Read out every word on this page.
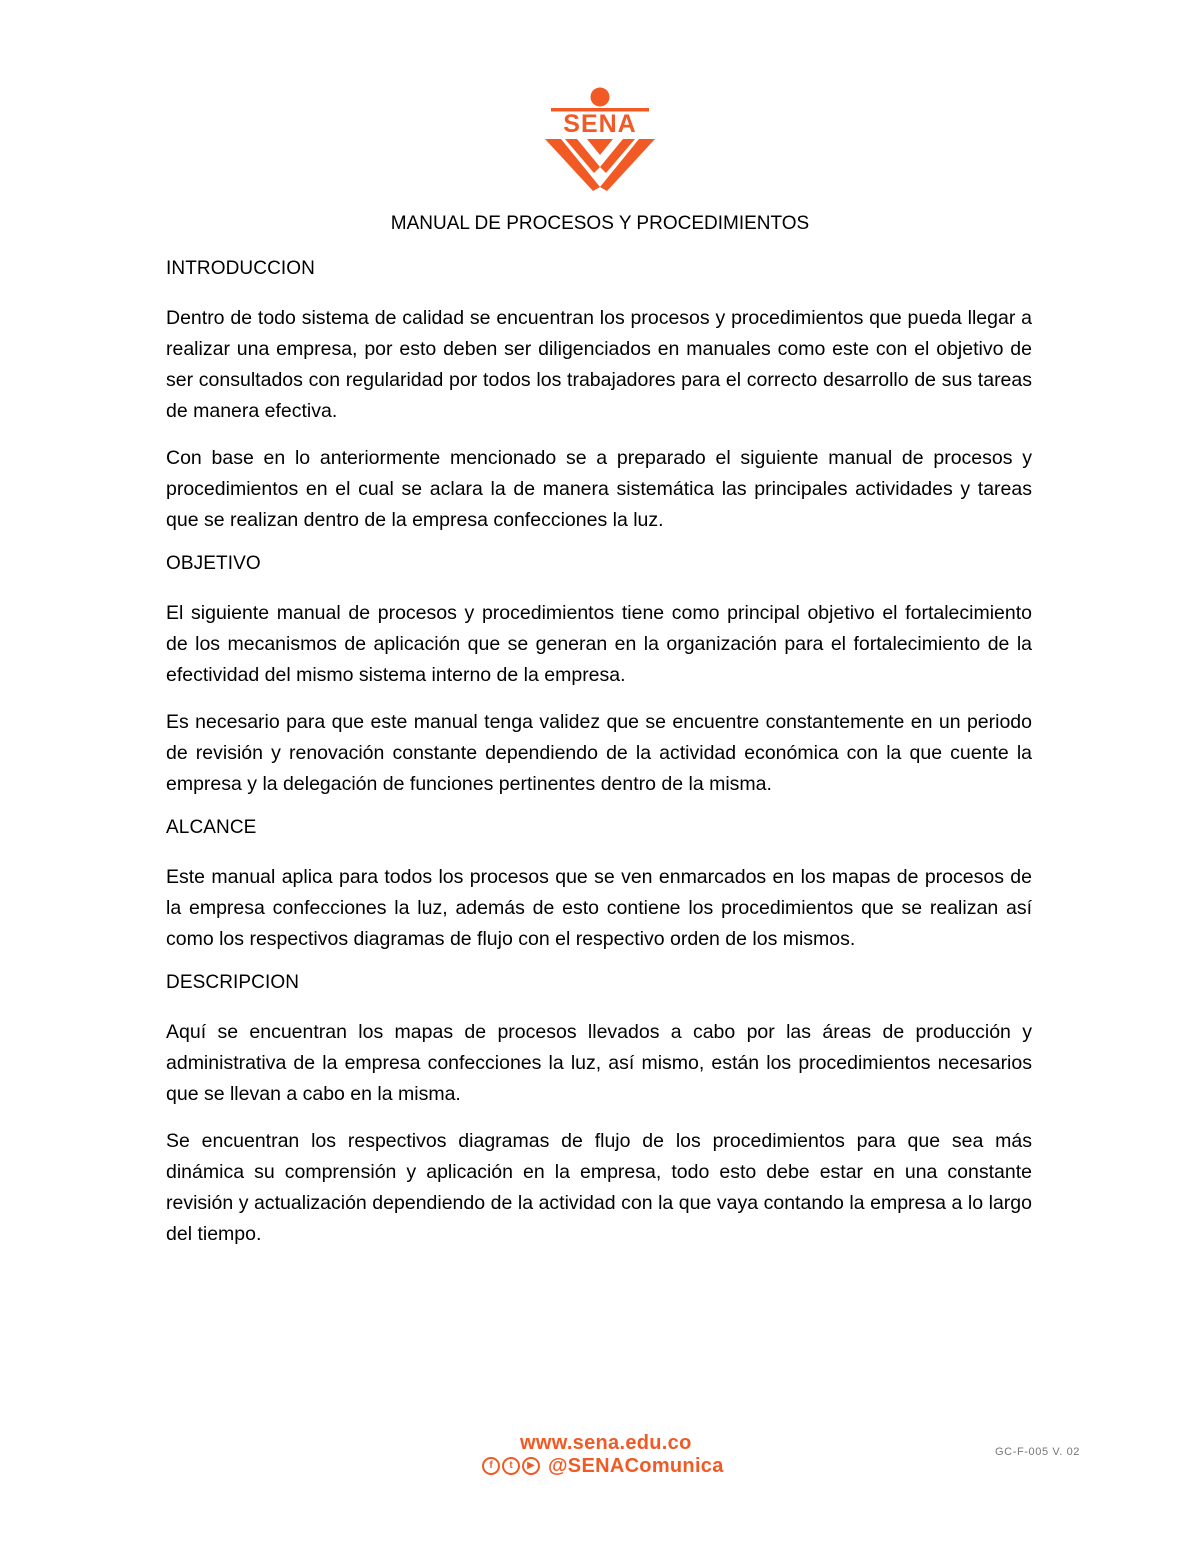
SENA
MANUAL DE PROCESOS Y PROCEDIMIENTOS
INTRODUCCION

Dentro de todo sistema de calidad se encuentran los procesos y procedimientos que pueda llegar a realizar una empresa, por esto deben ser diligenciados en manuales como este con el objetivo de ser consultados con regularidad por todos los trabajadores para el correcto desarrollo de sus tareas de manera efectiva.

Con base en lo anteriormente mencionado se a preparado el siguiente manual de procesos y procedimientos en el cual se aclara la de manera sistemática las principales actividades y tareas que se realizan dentro de la empresa confecciones la luz.

OBJETIVO

El siguiente manual de procesos y procedimientos tiene como principal objetivo el fortalecimiento de los mecanismos de aplicación que se generan en la organización para el fortalecimiento de la efectividad del mismo sistema interno de la empresa.

Es necesario para que este manual tenga validez que se encuentre constantemente en un periodo de revisión y renovación constante dependiendo de la actividad económica con la que cuente la empresa y la delegación de funciones pertinentes dentro de la misma.

ALCANCE

Este manual aplica para todos los procesos que se ven enmarcados en los mapas de procesos de la empresa confecciones la luz, además de esto contiene los procedimientos que se realizan así como los respectivos diagramas de flujo con el respectivo orden de los mismos.

DESCRIPCION

Aquí se encuentran los mapas de procesos llevados a cabo por las áreas de producción y administrativa de la empresa confecciones la luz, así mismo, están los procedimientos necesarios que se llevan a cabo en la misma.

Se encuentran los respectivos diagramas de flujo de los procedimientos para que sea más dinámica su comprensión y aplicación en la empresa, todo esto debe estar en una constante revisión y actualización dependiendo de la actividad con la que vaya contando la empresa a lo largo del tiempo.

www.sena.edu.co
f	t	▶ @SENAComunica
GC-F-005 V. 02
